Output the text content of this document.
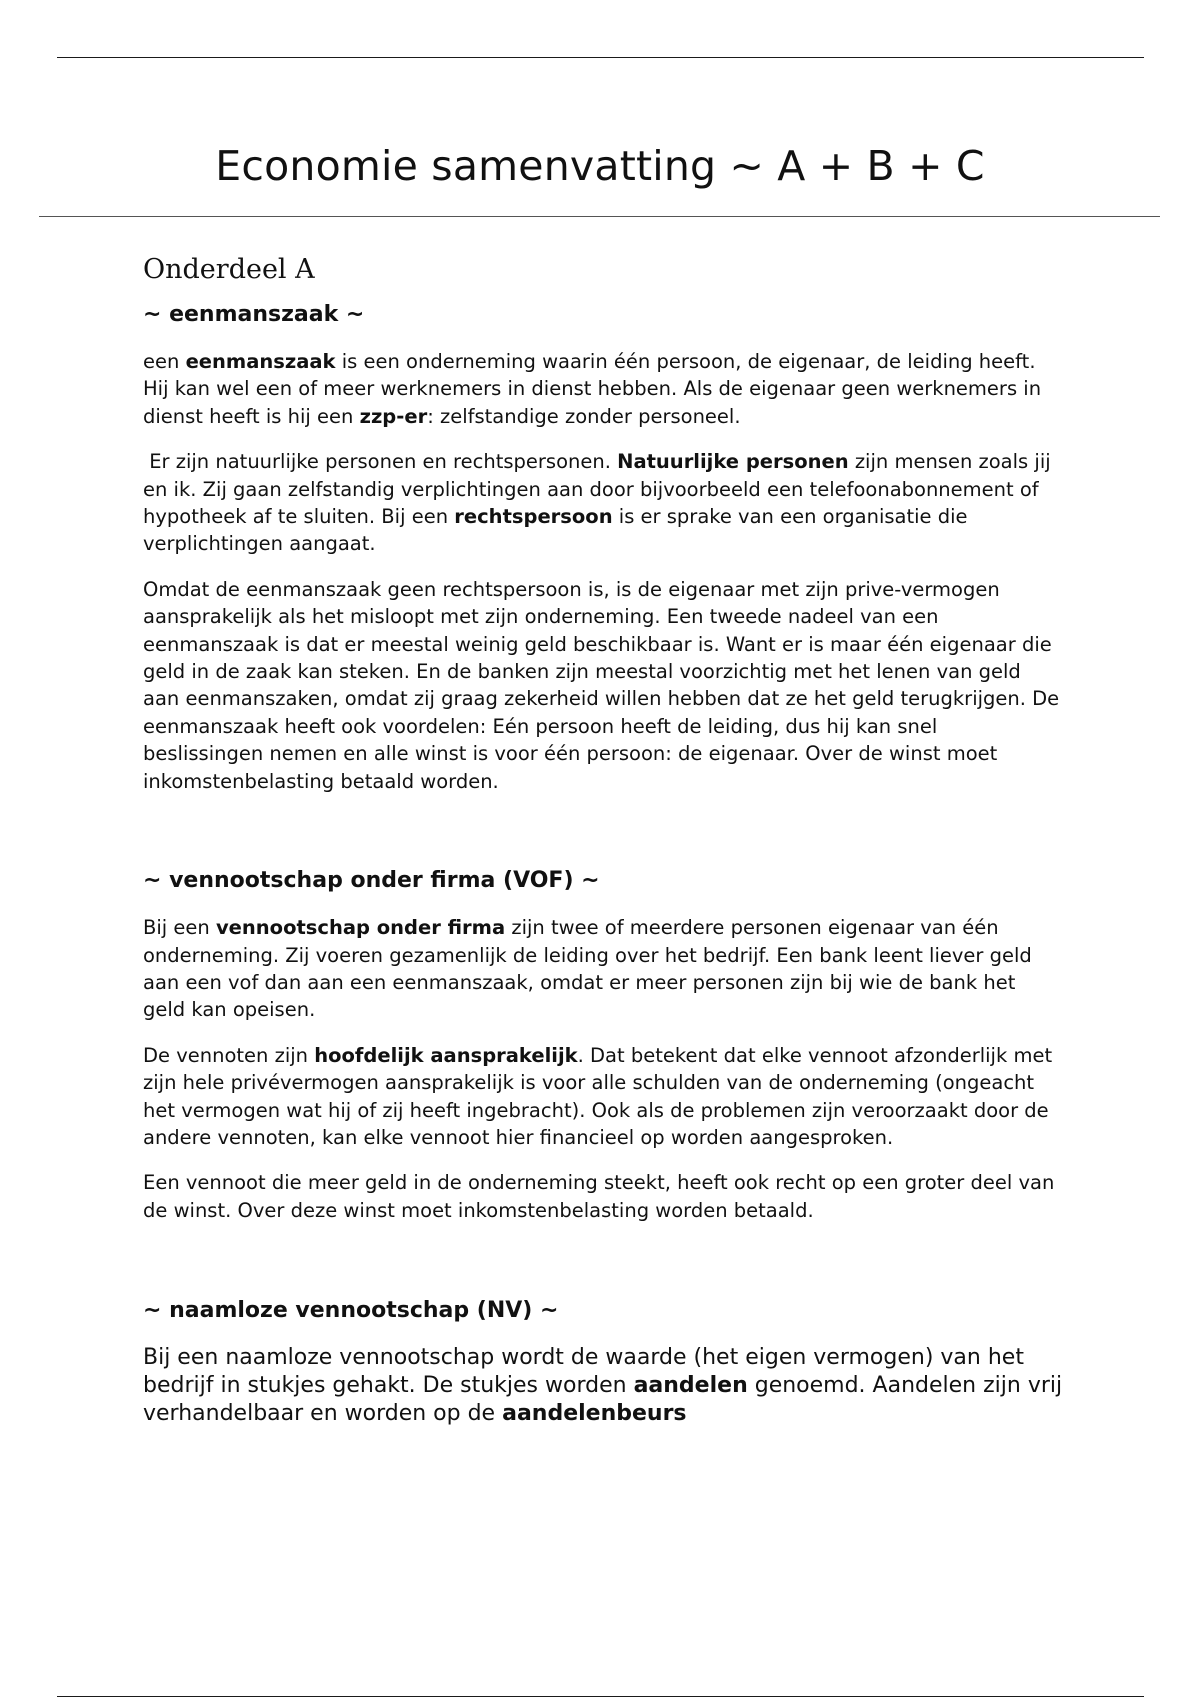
Economie samenvatting ~ A + B + C
Onderdeel A
~ eenmanszaak ~

een eenmanszaak is een onderneming waarin één persoon, de eigenaar, de leiding heeft. Hij kan wel een of meer werknemers in dienst hebben. Als de eigenaar geen werknemers in dienst heeft is hij een zzp-er: zelfstandige zonder personeel.

Er zijn natuurlijke personen en rechtspersonen. Natuurlijke personen zijn mensen zoals jij en ik. Zij gaan zelfstandig verplichtingen aan door bijvoorbeeld een telefoonabonnement of hypotheek af te sluiten. Bij een rechtspersoon is er sprake van een organisatie die verplichtingen aangaat.

Omdat de eenmanszaak geen rechtspersoon is, is de eigenaar met zijn prive-vermogen aansprakelijk als het misloopt met zijn onderneming. Een tweede nadeel van een eenmanszaak is dat er meestal weinig geld beschikbaar is. Want er is maar één eigenaar die geld in de zaak kan steken. En de banken zijn meestal voorzichtig met het lenen van geld aan eenmanszaken, omdat zij graag zekerheid willen hebben dat ze het geld terugkrijgen. De eenmanszaak heeft ook voordelen: Eén persoon heeft de leiding, dus hij kan snel beslissingen nemen en alle winst is voor één persoon: de eigenaar. Over de winst moet inkomstenbelasting betaald worden.

~ vennootschap onder firma (VOF) ~

Bij een vennootschap onder firma zijn twee of meerdere personen eigenaar van één onderneming. Zij voeren gezamenlijk de leiding over het bedrijf. Een bank leent liever geld aan een vof dan aan een eenmanszaak, omdat er meer personen zijn bij wie de bank het geld kan opeisen.

De vennoten zijn hoofdelijk aansprakelijk. Dat betekent dat elke vennoot afzonderlijk met zijn hele privévermogen aansprakelijk is voor alle schulden van de onderneming (ongeacht het vermogen wat hij of zij heeft ingebracht). Ook als de problemen zijn veroorzaakt door de andere vennoten, kan elke vennoot hier financieel op worden aangesproken.

Een vennoot die meer geld in de onderneming steekt, heeft ook recht op een groter deel van de winst. Over deze winst moet inkomstenbelasting worden betaald.

~ naamloze vennootschap (NV) ~

Bij een naamloze vennootschap wordt de waarde (het eigen vermogen) van het bedrijf in stukjes gehakt. De stukjes worden aandelen genoemd. Aandelen zijn vrij verhandelbaar en worden op de aandelenbeurs
